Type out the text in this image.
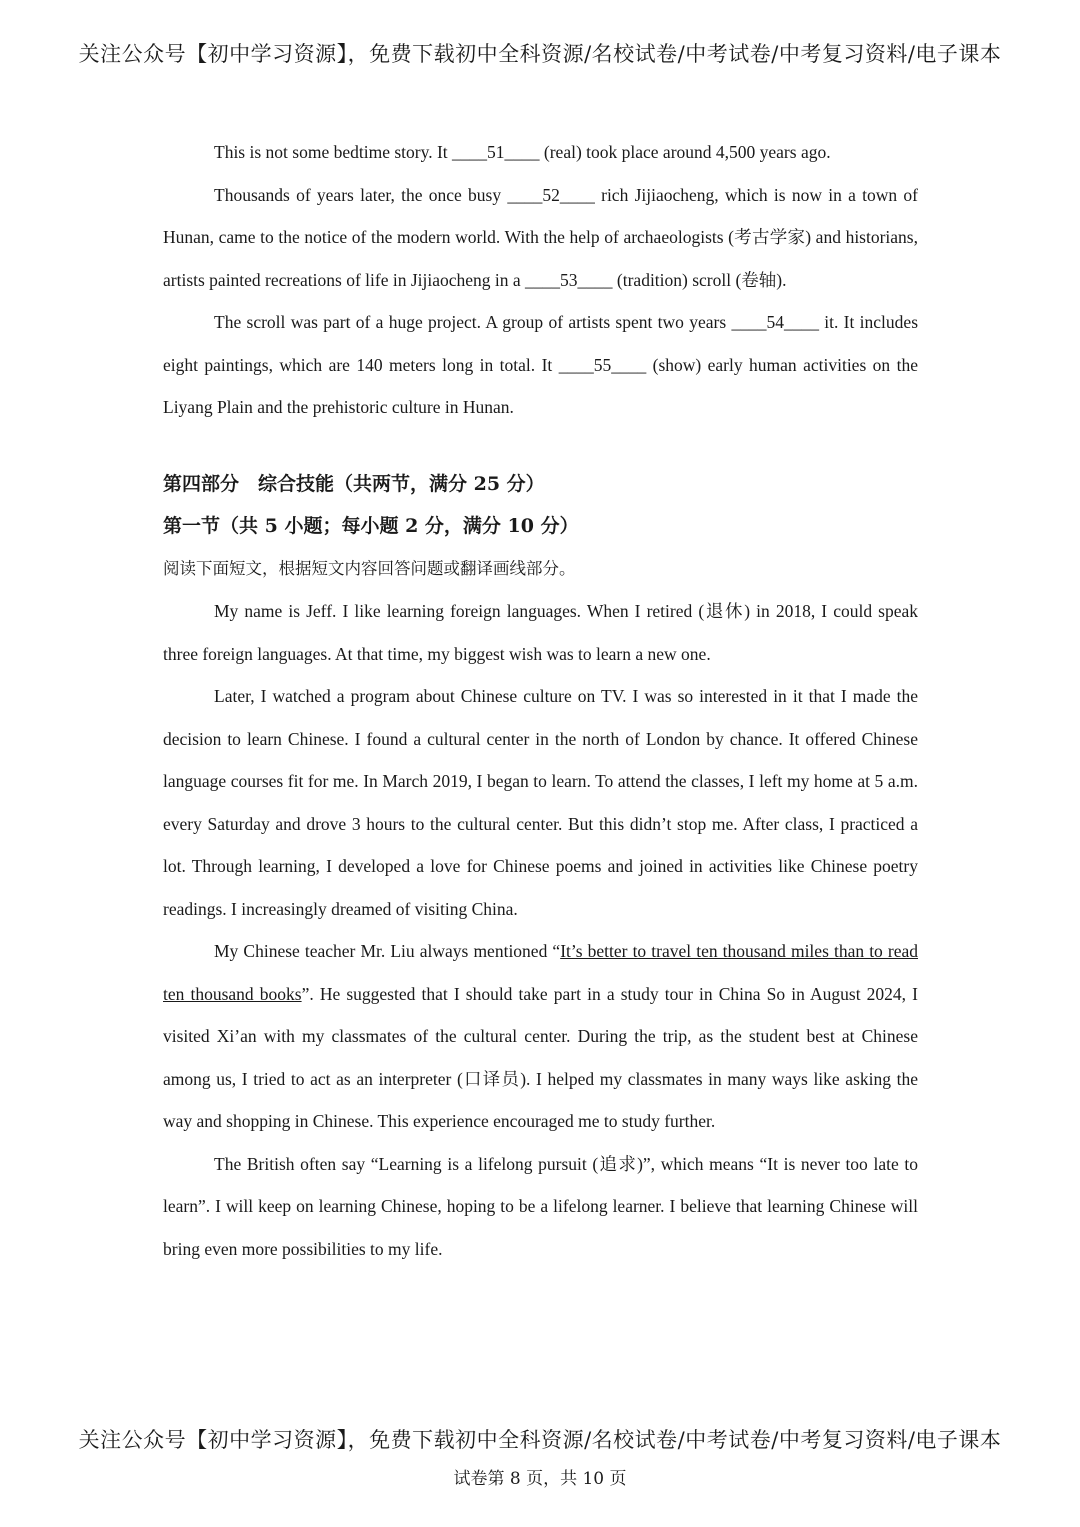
关注公众号【初中学习资源】，免费下载初中全科资源/名校试卷/中考试卷/中考复习资料/电子课本

This is not some bedtime story. It ____51____ (real) took place around 4,500 years ago.

Thousands of years later, the once busy ____52____ rich Jijiaocheng, which is now in a town of Hunan, came to the notice of the modern world. With the help of archaeologists (考古学家) and historians, artists painted recreations of life in Jijiaocheng in a ____53____ (tradition) scroll (卷轴).

The scroll was part of a huge project. A group of artists spent two years ____54____ it. It includes eight paintings, which are 140 meters long in total. It ____55____ (show) early human activities on the Liyang Plain and the prehistoric culture in Hunan.

第四部分　综合技能（共两节，满分 25 分）

第一节（共 5 小题；每小题 2 分，满分 10 分）

阅读下面短文，根据短文内容回答问题或翻译画线部分。

My name is Jeff. I like learning foreign languages. When I retired (退休) in 2018, I could speak three foreign languages. At that time, my biggest wish was to learn a new one.

Later, I watched a program about Chinese culture on TV. I was so interested in it that I made the decision to learn Chinese. I found a cultural center in the north of London by chance. It offered Chinese language courses fit for me. In March 2019, I began to learn. To attend the classes, I left my home at 5 a.m. every Saturday and drove 3 hours to the cultural center. But this didn’t stop me. After class, I practiced a lot. Through learning, I developed a love for Chinese poems and joined in activities like Chinese poetry readings. I increasingly dreamed of visiting China.

My Chinese teacher Mr. Liu always mentioned “It’s better to travel ten thousand miles than to read ten thousand books”. He suggested that I should take part in a study tour in China So in August 2024, I visited Xi’an with my classmates of the cultural center. During the trip, as the student best at Chinese among us, I tried to act as an interpreter (口译员). I helped my classmates in many ways like asking the way and shopping in Chinese. This experience encouraged me to study further.

The British often say “Learning is a lifelong pursuit (追求)”, which means “It is never too late to learn”. I will keep on learning Chinese, hoping to be a lifelong learner. I believe that learning Chinese will bring even more possibilities to my life.

关注公众号【初中学习资源】，免费下载初中全科资源/名校试卷/中考试卷/中考复习资料/电子课本
试卷第 8 页，共 10 页
